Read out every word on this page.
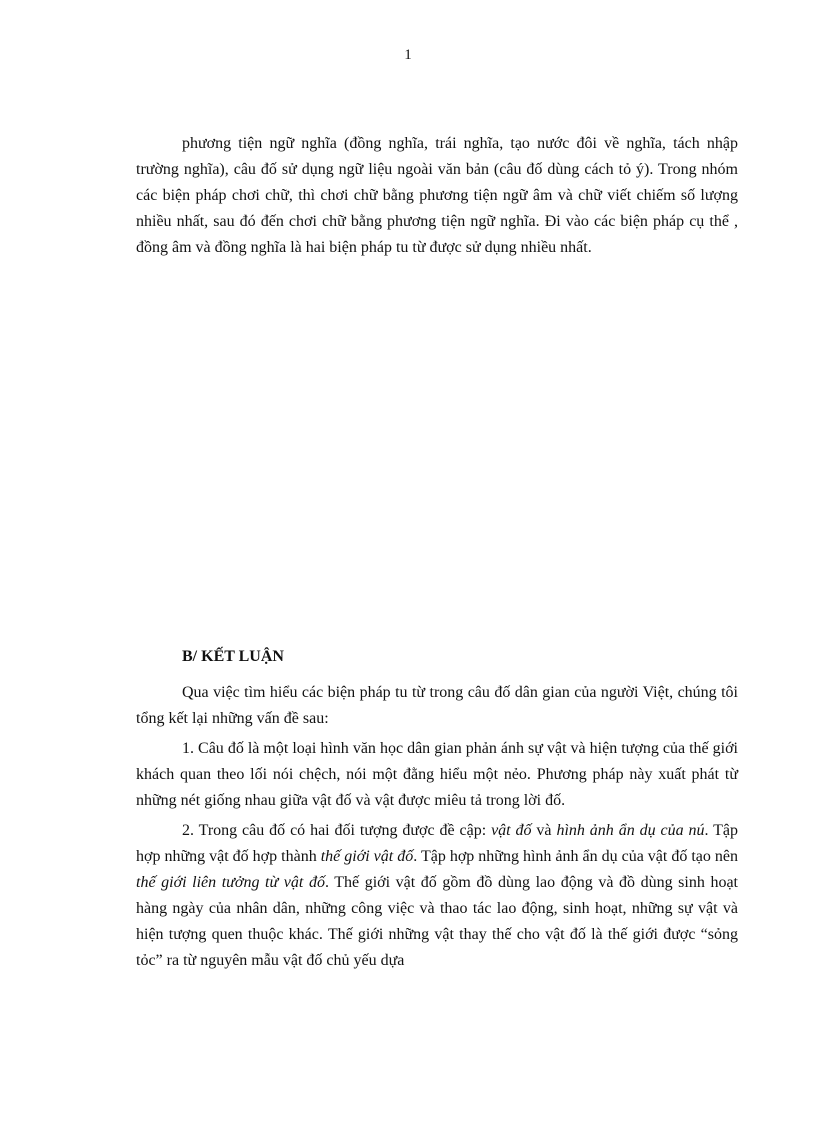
1

phương tiện ngữ nghĩa (đồng nghĩa, trái nghĩa, tạo nước đôi về nghĩa, tách nhập trường nghĩa), câu đố sử dụng ngữ liệu ngoài văn bản (câu đố dùng cách tỏ ý). Trong nhóm các biện pháp chơi chữ, thì chơi chữ bằng phương tiện ngữ âm và chữ viết chiếm số lượng nhiều nhất, sau đó đến chơi chữ bằng phương tiện ngữ nghĩa. Đi vào các biện pháp cụ thể , đồng âm và đồng nghĩa là hai biện pháp tu từ được sử dụng nhiều nhất.

B/ KẾT LUẬN

Qua việc tìm hiểu các biện pháp tu từ trong câu đố dân gian của người Việt, chúng tôi tổng kết lại những vấn đề sau:

1. Câu đố là một loại hình văn học dân gian phản ánh sự vật và hiện tượng của thế giới khách quan theo lối nói chệch, nói một đằng hiểu một nẻo. Phương pháp này xuất phát từ những nét giống nhau giữa vật đố và vật được miêu tả trong lời đố.

2. Trong câu đố có hai đối tượng được đề cập: vật đố và hình ảnh ẩn dụ của nú. Tập hợp những vật đố hợp thành thế giới vật đố. Tập hợp những hình ảnh ẩn dụ của vật đố tạo nên thế giới liên tưởng từ vật đố. Thế giới vật đố gồm đồ dùng lao động và đồ dùng sinh hoạt hàng ngày của nhân dân, những công việc và thao tác lao động, sinh hoạt, những sự vật và hiện tượng quen thuộc khác. Thế giới những vật thay thế cho vật đố là thế giới được “sỏng tỏc” ra từ nguyên mẫu vật đố chủ yếu dựa
